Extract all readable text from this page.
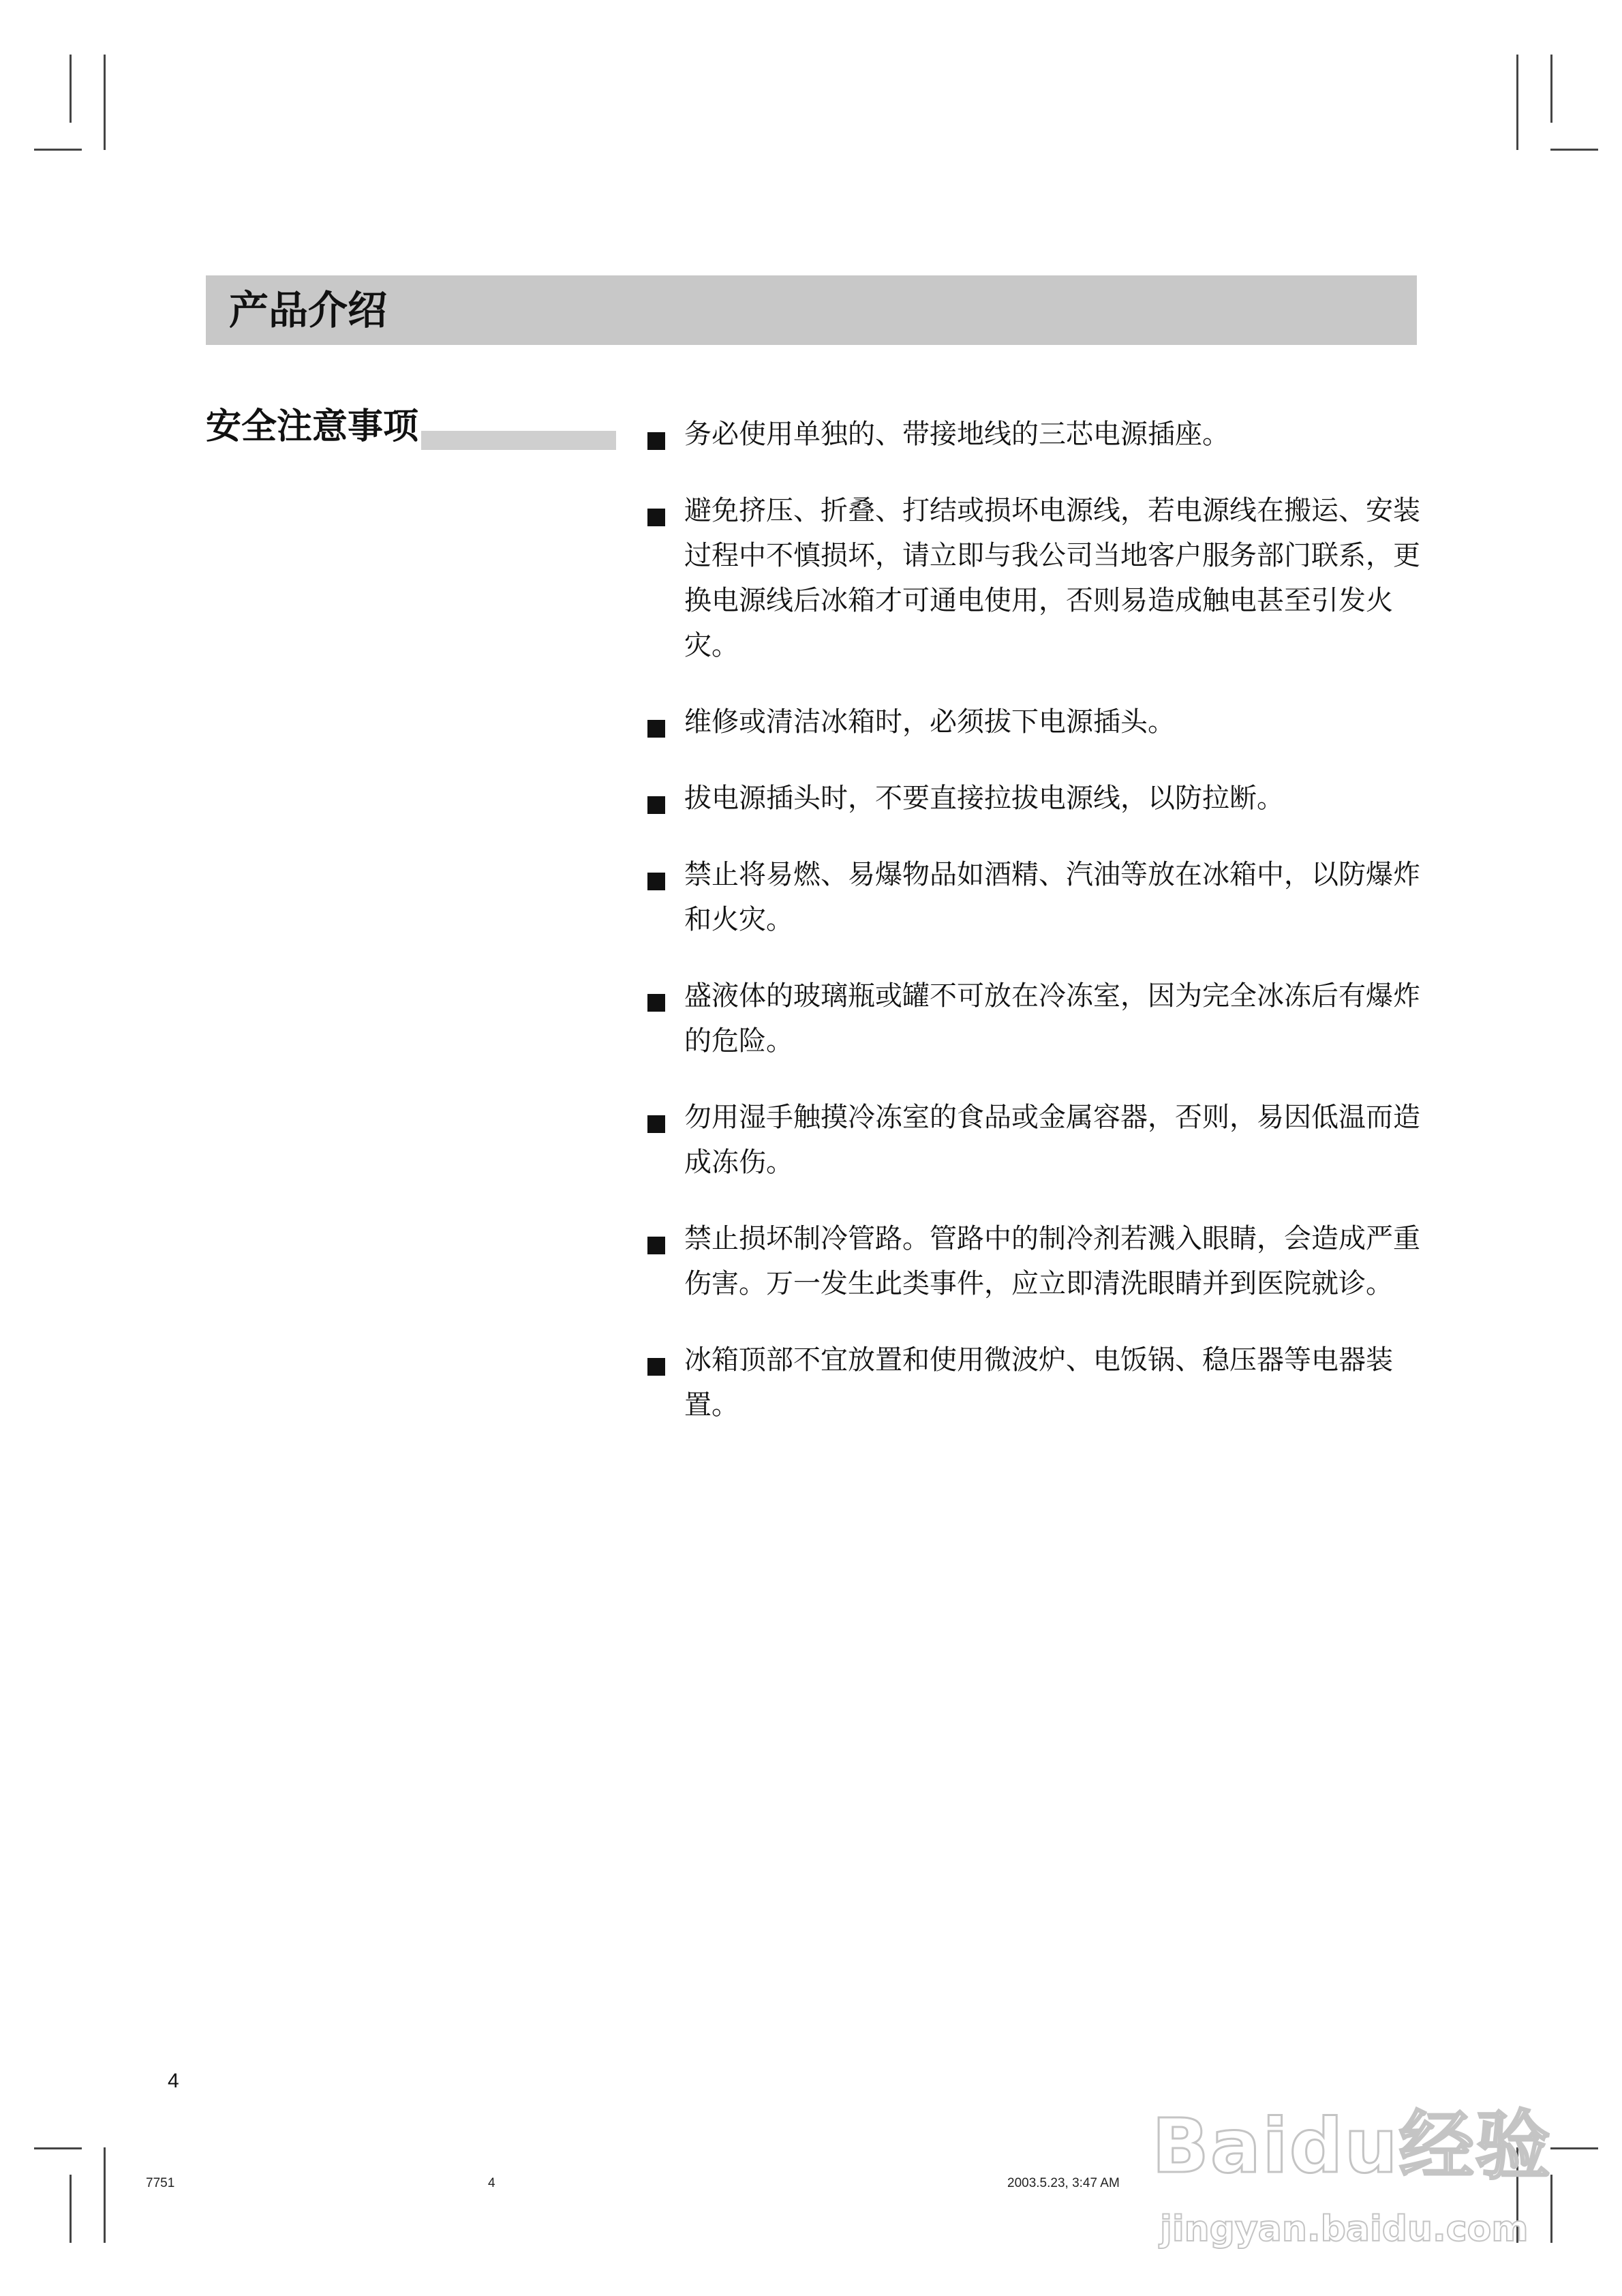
产品介绍
安全注意事项	务必使用单独的、带接地线的三芯电源插座。
避免挤压、折叠、打结或损坏电源线，若电源线在搬运、安装过程中不慎损坏，请立即与我公司当地客户服务部门联系，更换电源线后冰箱才可通电使用，否则易造成触电甚至引发火灾。
维修或清洁冰箱时，必须拔下电源插头。
拔电源插头时，不要直接拉拔电源线，以防拉断。
禁止将易燃、易爆物品如酒精、汽油等放在冰箱中，以防爆炸和火灾。
盛液体的玻璃瓶或罐不可放在冷冻室，因为完全冰冻后有爆炸的危险。
勿用湿手触摸冷冻室的食品或金属容器，否则，易因低温而造成冻伤。
禁止损坏制冷管路。管路中的制冷剂若溅入眼睛，会造成严重伤害。万一发生此类事件，应立即清洗眼睛并到医院就诊。
冰箱顶部不宜放置和使用微波炉、电饭锅、稳压器等电器装置。
4
7751	4	2003.5.23, 3:47 AM Baidu经验
jingyan.baidu.com
